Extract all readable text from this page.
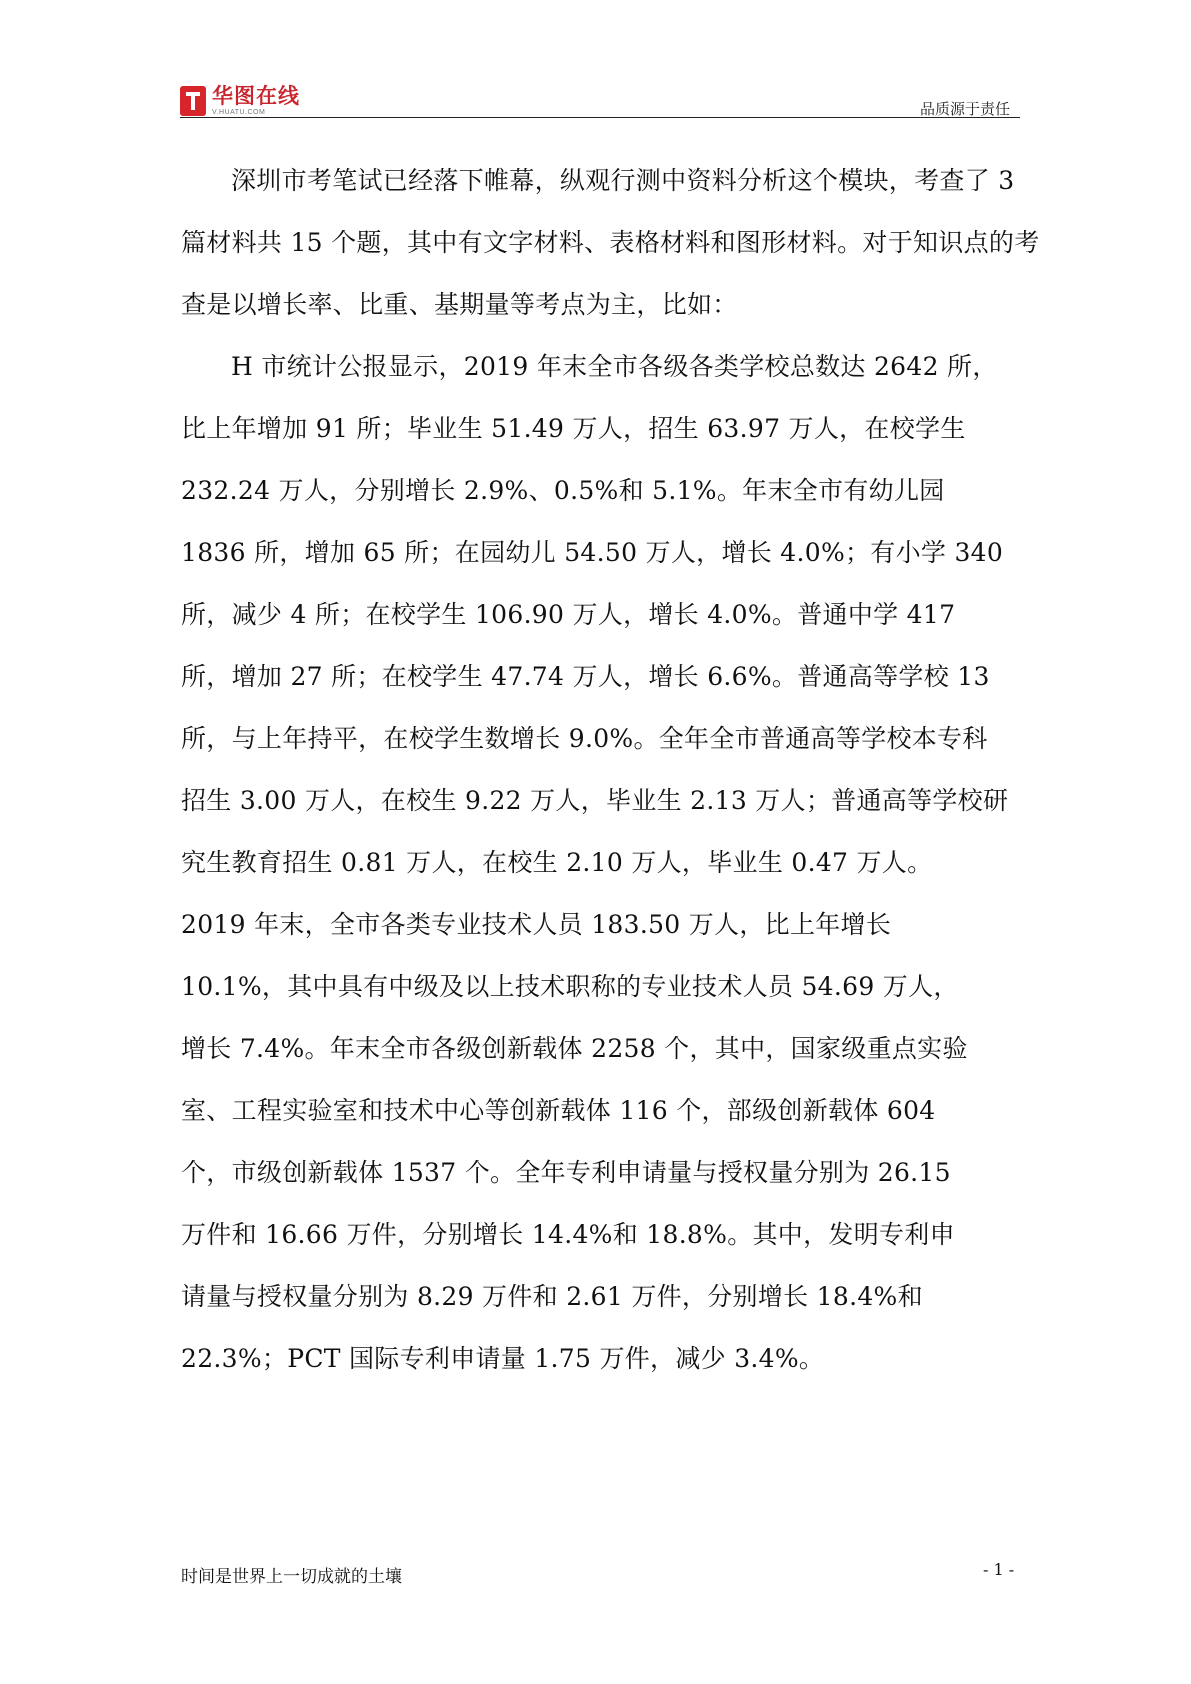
华图在线
V.HUATU.COM	品质源于责任

深圳市考笔试已经落下帷幕，纵观行测中资料分析这个模块，考查了 3 篇材料共 15 个题，其中有文字材料、表格材料和图形材料。对于知识点的考查是以增长率、比重、基期量等考点为主，比如：

H 市统计公报显示，2019 年末全市各级各类学校总数达 2642 所，比上年增加 91 所；毕业生 51.49 万人，招生 63.97 万人，在校学生 232.24 万人，分别增长 2.9%、0.5%和 5.1%。年末全市有幼儿园 1836 所，增加 65 所；在园幼儿 54.50 万人，增长 4.0%；有小学 340 所，减少 4 所；在校学生 106.90 万人，增长 4.0%。普通中学 417 所，增加 27 所；在校学生 47.74 万人，增长 6.6%。普通高等学校 13 所，与上年持平，在校学生数增长 9.0%。全年全市普通高等学校本专科招生 3.00 万人，在校生 9.22 万人，毕业生 2.13 万人；普通高等学校研究生教育招生 0.81 万人，在校生 2.10 万人，毕业生 0.47 万人。

2019 年末，全市各类专业技术人员 183.50 万人，比上年增长 10.1%，其中具有中级及以上技术职称的专业技术人员 54.69 万人，增长 7.4%。年末全市各级创新载体 2258 个，其中，国家级重点实验室、工程实验室和技术中心等创新载体 116 个，部级创新载体 604 个，市级创新载体 1537 个。全年专利申请量与授权量分别为 26.15 万件和 16.66 万件，分别增长 14.4%和 18.8%。其中，发明专利申请量与授权量分别为 8.29 万件和 2.61 万件，分别增长 18.4%和 22.3%；PCT 国际专利申请量 1.75 万件，减少 3.4%。

时间是世界上一切成就的土壤	- 1 -
